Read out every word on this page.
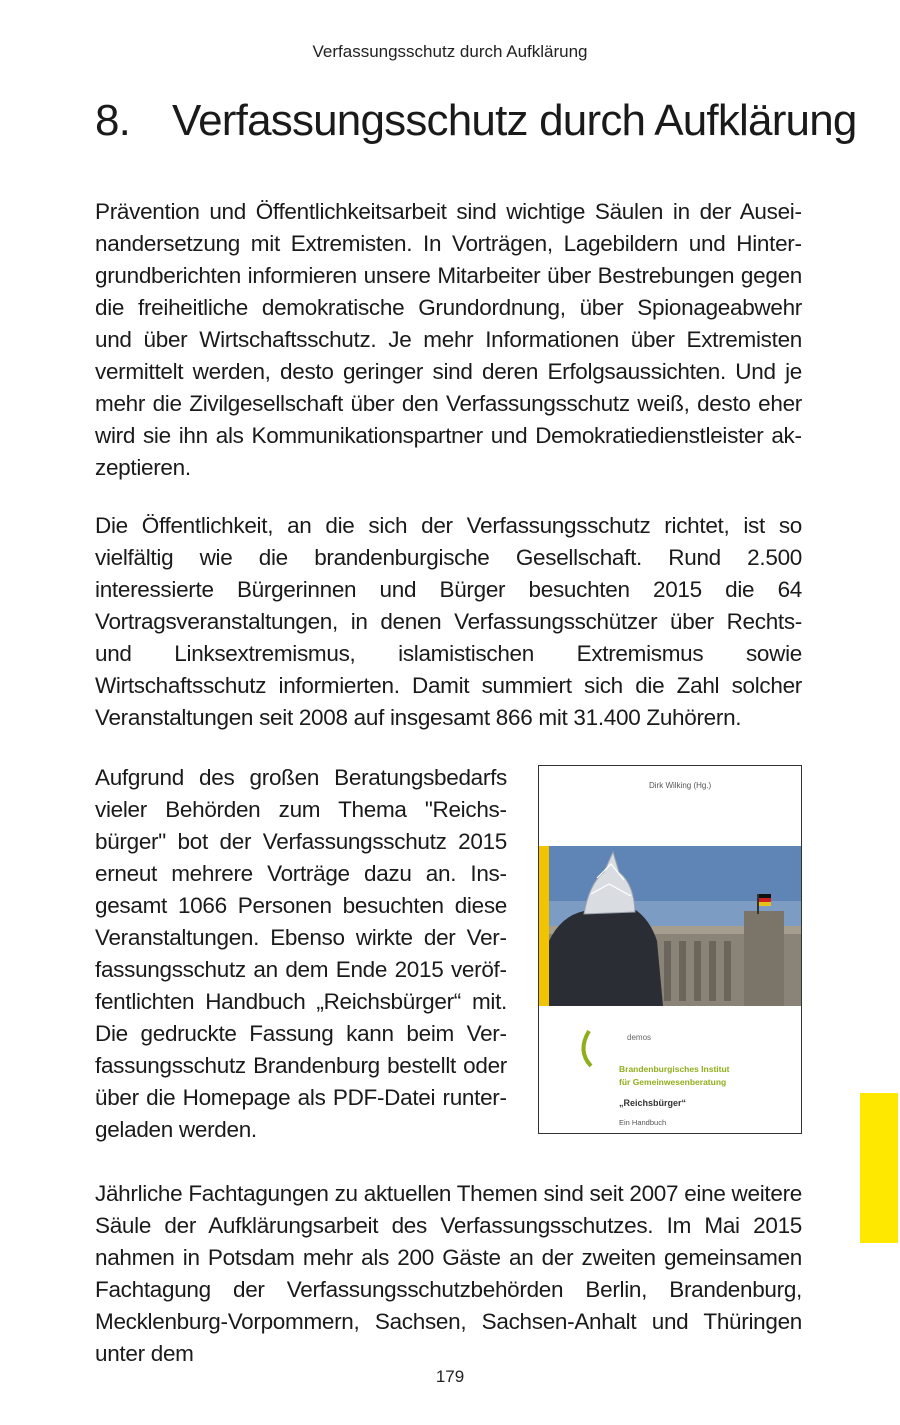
Verfassungsschutz durch Aufklärung
8. Verfassungsschutz durch Aufklärung

Prävention und Öffentlichkeitsarbeit sind wichtige Säulen in der Auseinandersetzung mit Extremisten. In Vorträgen, Lagebildern und Hintergrundberichten informieren unsere Mitarbeiter über Bestrebungen gegen die freiheitliche demokratische Grundordnung, über Spionageabwehr und über Wirtschaftsschutz. Je mehr Informationen über Extremisten vermittelt werden, desto geringer sind deren Erfolgsaussichten. Und je mehr die Zivilgesellschaft über den Verfassungsschutz weiß, desto eher wird sie ihn als Kommunikationspartner und Demokratiedienstleister akzeptieren.

Die Öffentlichkeit, an die sich der Verfassungsschutz richtet, ist so vielfältig wie die brandenburgische Gesellschaft. Rund 2.500 interessierte Bürgerinnen und Bürger besuchten 2015 die 64 Vortragsveranstaltungen, in denen Verfassungsschützer über Rechts- und Linksextremismus, islamistischen Extremismus sowie Wirtschaftsschutz informierten. Damit summiert sich die Zahl solcher Veranstaltungen seit 2008 auf insgesamt 866 mit 31.400 Zuhörern.

Aufgrund des großen Beratungsbedarfs vieler Behörden zum Thema "Reichsbürger" bot der Verfassungsschutz 2015 erneut mehrere Vorträge dazu an. Insgesamt 1066 Personen besuchten diese Veranstaltungen. Ebenso wirkte der Verfassungsschutz an dem Ende 2015 veröffentlichten Handbuch „Reichsbürger“ mit. Die gedruckte Fassung kann beim Verfassungsschutz Brandenburg bestellt oder über die Homepage als PDF-Datei runtergeladen werden.

Dirk Wilking (Hg.)
demos
Brandenburgisches Institut
für Gemeinwesenberatung
„Reichsbürger“
Ein Handbuch

Jährliche Fachtagungen zu aktuellen Themen sind seit 2007 eine weitere Säule der Aufklärungsarbeit des Verfassungsschutzes. Im Mai 2015 nahmen in Potsdam mehr als 200 Gäste an der zweiten gemeinsamen Fachtagung der Verfassungsschutzbehörden Berlin, Brandenburg, Mecklenburg-Vorpommern, Sachsen, Sachsen-Anhalt und Thüringen unter dem

179
